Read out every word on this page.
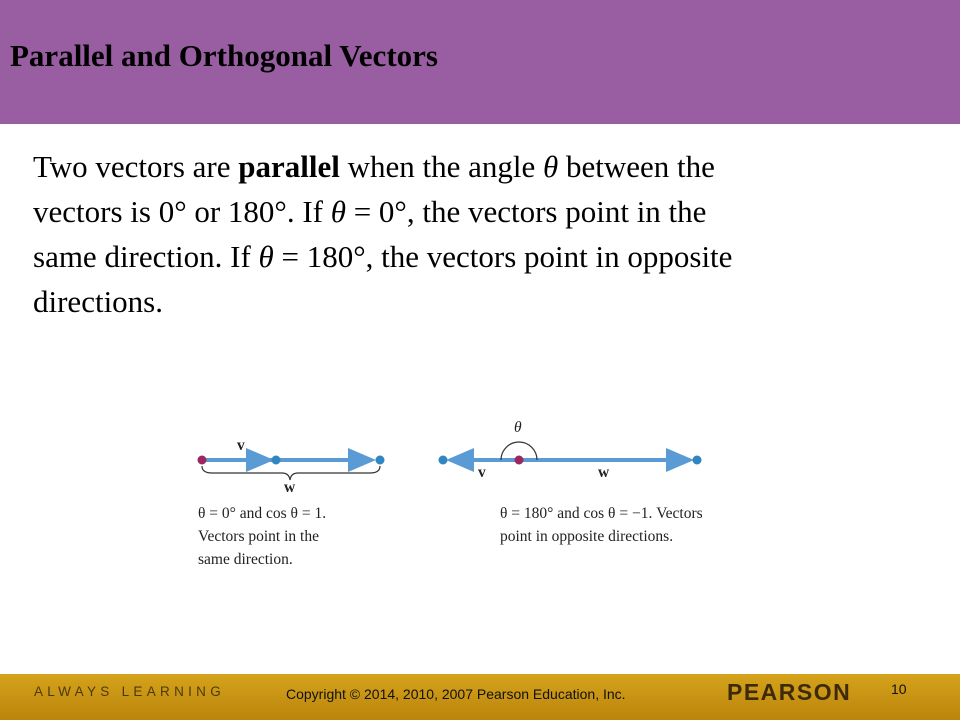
Parallel and Orthogonal Vectors
Two vectors are parallel when the angle θ between the
vectors is 0° or 180°. If θ = 0°, the vectors point in the
same direction. If θ = 180°, the vectors point in opposite
directions.
v
w
θ = 0° and cos θ = 1.
Vectors point in the
same direction.
θ
v	w
θ = 180° and cos θ = −1. Vectors
point in opposite directions.
ALWAYS LEARNING	Copyright © 2014, 2010, 2007 Pearson Education, Inc.	PEARSON	10
